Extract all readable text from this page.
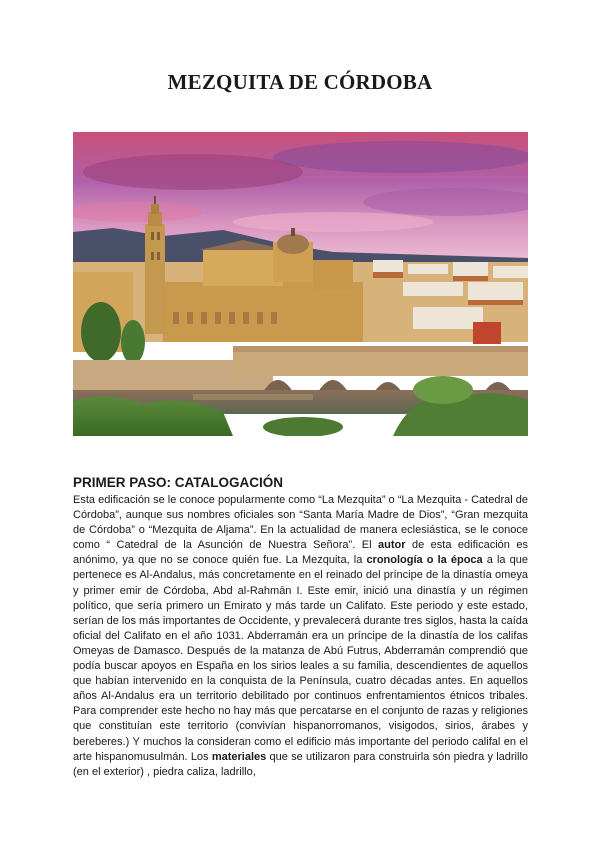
MEZQUITA DE CÓRDOBA
PRIMER PASO: CATALOGACIÓN

Esta edificación se le conoce popularmente como “La Mezquita” o “La Mezquita - Catedral de Córdoba”, aunque sus nombres oficiales son “Santa María Madre de Dios”, “Gran mezquita de Córdoba” o “Mezquita de Aljama”. En la actualidad de manera eclesiástica, se le conoce como “ Catedral de la Asunción de Nuestra Señora”. El autor de esta edificación es anónimo, ya que no se conoce quién fue. La Mezquita, la cronología o la época a la que pertenece es Al-Andalus, más concretamente en el reinado del príncipe de la dinastía omeya y primer emir de Córdoba, Abd al-Rahmān I. Este emir, inició una dinastía y un régimen político, que sería primero un Emirato y más tarde un Califato. Este periodo y este estado, serían de los más importantes de Occidente, y prevalecerá durante tres siglos, hasta la caída oficial del Califato en el año 1031. Abderramán era un príncipe de la dinastía de los califas Omeyas de Damasco. Después de la matanza de Abú Futrus, Abderramán comprendió que podía buscar apoyos en España en los sirios leales a su familia, descendientes de aquellos que habían intervenido en la conquista de la Península, cuatro décadas antes. En aquellos años Al-Andalus era un territorio debilitado por continuos enfrentamientos étnicos tribales. Para comprender este hecho no hay más que percatarse en el conjunto de razas y religiones que constituían este territorio (convivían hispanorromanos, visigodos, sirios, árabes y bereberes.) Y muchos la consideran como el edificio más importante del periodo califal en el arte hispanomusulmán. Los materiales que se utilizaron para construirla són piedra y ladrillo (en el exterior) , piedra caliza, ladrillo,
